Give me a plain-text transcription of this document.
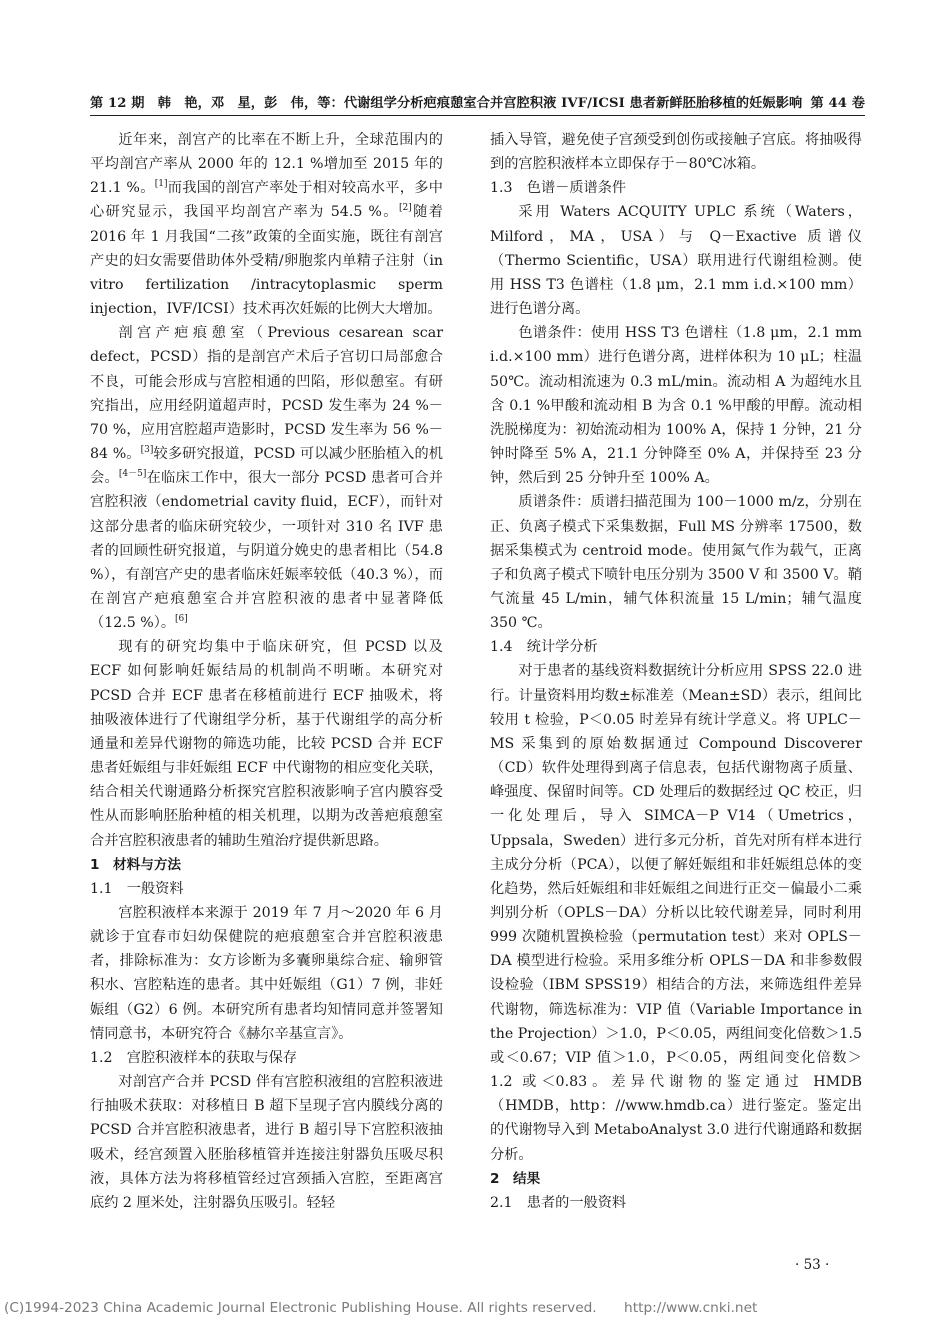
第 12 期　韩　艳，邓　星，彭　伟，等：代谢组学分析疤痕憩室合并宫腔积液 IVF/ICSI 患者新鲜胚胎移植的妊娠影响 第 44 卷

近年来，剖宫产的比率在不断上升，全球范围内的平均剖宫产率从 2000 年的 12.1 %增加至 2015 年的 21.1 %。[1]而我国的剖宫产率处于相对较高水平，多中心研究显示，我国平均剖宫产率为 54.5 %。[2]随着 2016 年 1 月我国“二孩”政策的全面实施，既往有剖宫产史的妇女需要借助体外受精/卵胞浆内单精子注射（in vitro fertilization /intracytoplasmic sperm injection，IVF/ICSI）技术再次妊娠的比例大大增加。

剖宫产疤痕憩室（Previous cesarean scar defect，PCSD）指的是剖宫产术后子宫切口局部愈合不良，可能会形成与宫腔相通的凹陷，形似憩室。有研究指出，应用经阴道超声时，PCSD 发生率为 24 %－70 %，应用宫腔超声造影时，PCSD 发生率为 56 %－84 %。[3]较多研究报道，PCSD 可以减少胚胎植入的机会。[4－5]在临床工作中，很大一部分 PCSD 患者可合并宫腔积液（endometrial cavity fluid，ECF），而针对这部分患者的临床研究较少，一项针对 310 名 IVF 患者的回顾性研究报道，与阴道分娩史的患者相比（54.8 %），有剖宫产史的患者临床妊娠率较低（40.3 %），而在剖宫产疤痕憩室合并宫腔积液的患者中显著降低（12.5 %）。[6]

现有的研究均集中于临床研究，但 PCSD 以及 ECF 如何影响妊娠结局的机制尚不明晰。本研究对 PCSD 合并 ECF 患者在移植前进行 ECF 抽吸术，将抽吸液体进行了代谢组学分析，基于代谢组学的高分析通量和差异代谢物的筛选功能，比较 PCSD 合并 ECF 患者妊娠组与非妊娠组 ECF 中代谢物的相应变化关联，结合相关代谢通路分析探究宫腔积液影响子宫内膜容受性从而影响胚胎种植的相关机理，以期为改善疤痕憩室合并宫腔积液患者的辅助生殖治疗提供新思路。

1　材料与方法
1.1　一般资料

宫腔积液样本来源于 2019 年 7 月～2020 年 6 月就诊于宜春市妇幼保健院的疤痕憩室合并宫腔积液患者，排除标准为：女方诊断为多囊卵巢综合症、输卵管积水、宫腔粘连的患者。其中妊娠组（G1）7 例，非妊娠组（G2）6 例。本研究所有患者均知情同意并签署知情同意书，本研究符合《赫尔辛基宣言》。

1.2　宫腔积液样本的获取与保存

对剖宫产合并 PCSD 伴有宫腔积液组的宫腔积液进行抽吸术获取：对移植日 B 超下呈现子宫内膜线分离的 PCSD 合并宫腔积液患者，进行 B 超引导下宫腔积液抽吸术，经宫颈置入胚胎移植管并连接注射器负压吸尽积液，具体方法为将移植管经过宫颈插入宫腔，至距离宫底约 2 厘米处，注射器负压吸引。轻轻

插入导管，避免使子宫颈受到创伤或接触子宫底。将抽吸得到的宫腔积液样本立即保存于－80℃冰箱。

1.3　色谱－质谱条件

采用 Waters ACQUITY UPLC 系统（Waters，Milford，MA，USA）与 Q－Exactive 质谱仪（Thermo Scientific，USA）联用进行代谢组检测。使用 HSS T3 色谱柱（1.8 μm，2.1 mm i.d.×100 mm）进行色谱分离。

色谱条件：使用 HSS T3 色谱柱（1.8 μm，2.1 mm i.d.×100 mm）进行色谱分离，进样体积为 10 μL；柱温 50℃。流动相流速为 0.3 mL/min。流动相 A 为超纯水且含 0.1 %甲酸和流动相 B 为含 0.1 %甲酸的甲醇。流动相洗脱梯度为：初始流动相为 100% A，保持 1 分钟，21 分钟时降至 5% A，21.1 分钟降至 0% A，并保持至 23 分钟，然后到 25 分钟升至 100% A。

质谱条件：质谱扫描范围为 100－1000 m/z，分别在正、负离子模式下采集数据，Full MS 分辨率 17500，数据采集模式为 centroid mode。使用氮气作为载气，正离子和负离子模式下喷针电压分别为 3500 V 和 3500 V。鞘气流量 45 L/min，辅气体积流量 15 L/min；辅气温度 350 ℃。

1.4　统计学分析

对于患者的基线资料数据统计分析应用 SPSS 22.0 进行。计量资料用均数±标准差（Mean±SD）表示，组间比较用 t 检验，P＜0.05 时差异有统计学意义。将 UPLC－MS 采集到的原始数据通过 Compound Discoverer（CD）软件处理得到离子信息表，包括代谢物离子质量、峰强度、保留时间等。CD 处理后的数据经过 QC 校正，归一化处理后，导入 SIMCA－P V14（Umetrics，Uppsala，Sweden）进行多元分析，首先对所有样本进行主成分分析（PCA），以便了解妊娠组和非妊娠组总体的变化趋势，然后妊娠组和非妊娠组之间进行正交－偏最小二乘判别分析（OPLS－DA）分析以比较代谢差异，同时利用 999 次随机置换检验（permutation test）来对 OPLS－DA 模型进行检验。采用多维分析 OPLS－DA 和非参数假设检验（IBM SPSS19）相结合的方法，来筛选组件差异代谢物，筛选标准为：VIP 值（Variable Importance in the Projection）＞1.0，P＜0.05，两组间变化倍数＞1.5 或＜0.67；VIP 值＞1.0，P＜0.05，两组间变化倍数＞1.2 或＜0.83。差异代谢物的鉴定通过 HMDB（HMDB，http：//www.hmdb.ca）进行鉴定。鉴定出的代谢物导入到 MetaboAnalyst 3.0 进行代谢通路和数据分析。

2　结果
2.1　患者的一般资料
· 53 ·
(C)1994-2023 China Academic Journal Electronic Publishing House. All rights reserved.　　http://www.cnki.net
